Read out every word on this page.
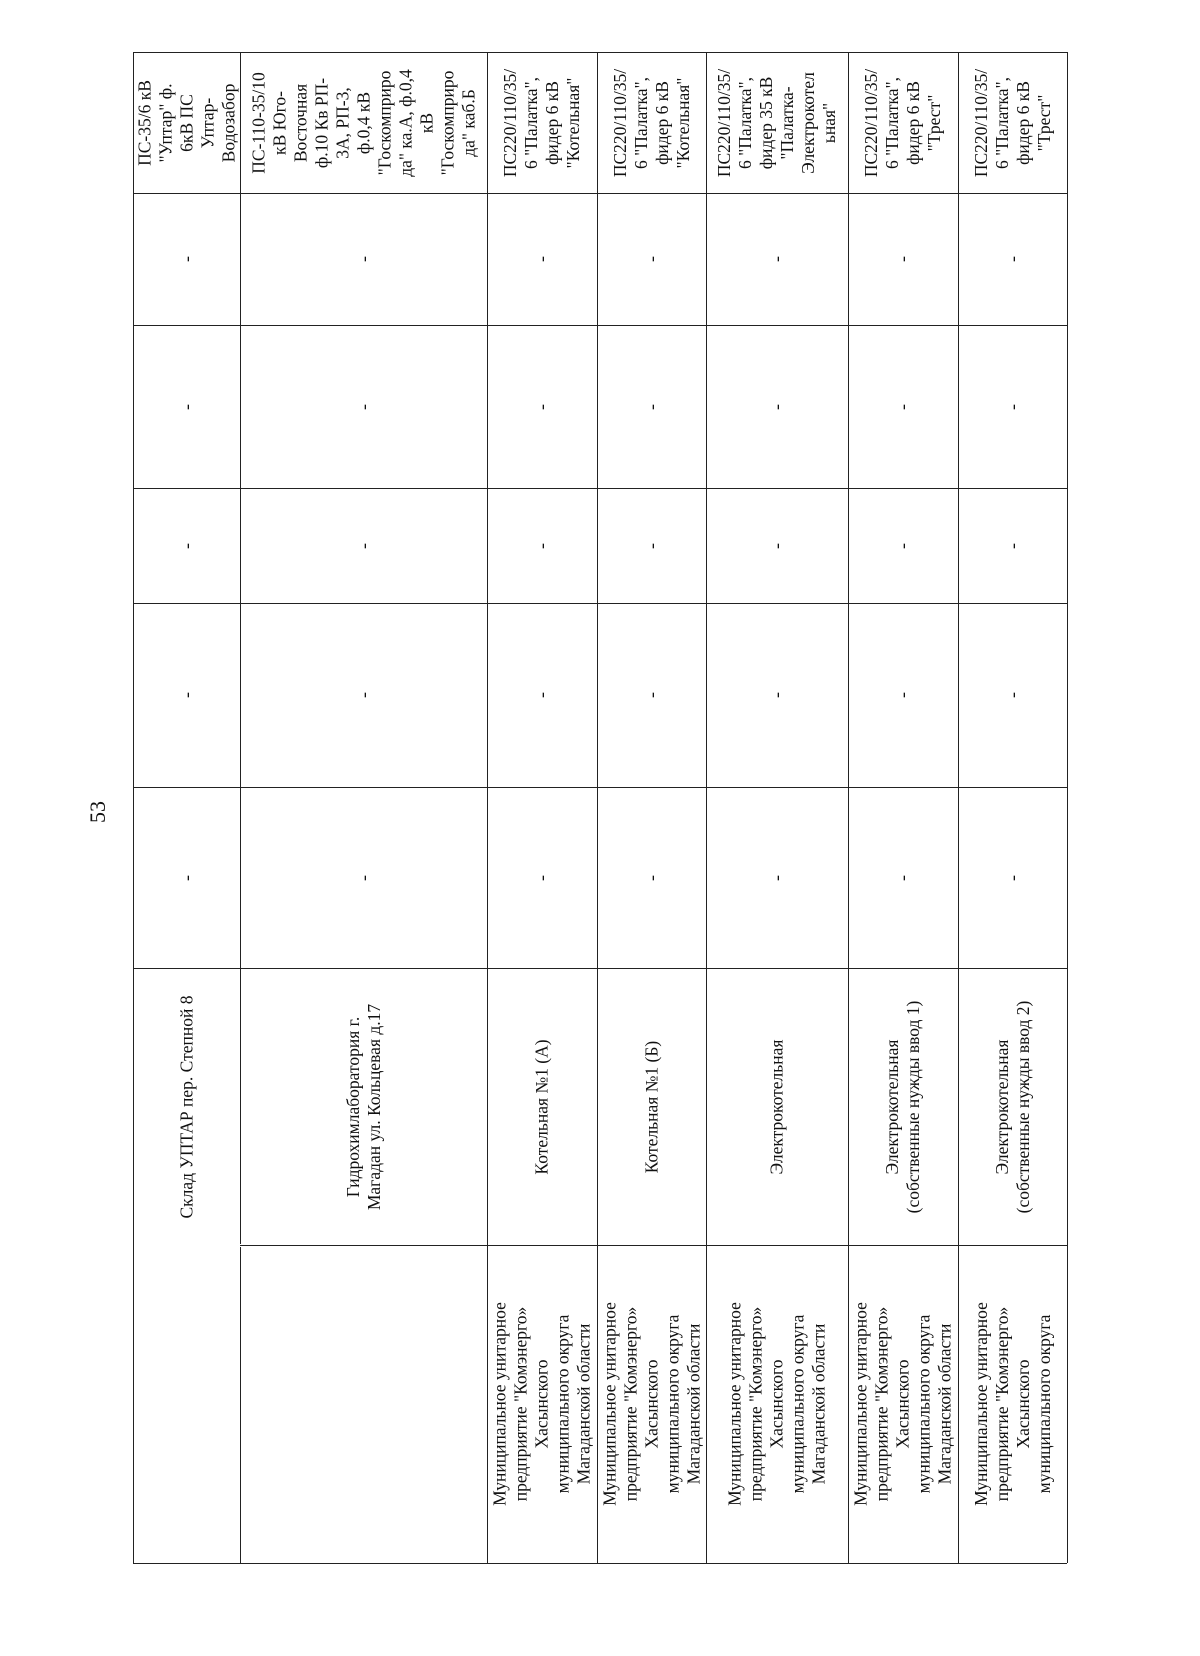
53
ПС-35/6 кВ
"Уптар" ф.
6кВ ПС
Уптар-
Водозабор
-
-
-
-
-
Склад УПТАР пер. Степной 8
ПС-110-35/10
кВ Юго-
Восточная
ф.10 Кв РП-
3А, РП-3,
ф.0,4 кВ
"Госкомприро
да" ка.А, ф.0,4
кВ
"Госкомприро
да" каб.Б
-
-
-
-
-
Гидрохимлаборатория г.
Магадан ул. Кольцевая д.17
ПС220/110/35/
6 "Палатка",
фидер 6 кВ
"Котельная"
-
-
-
-
-
Котельная №1 (А)
Муниципальное унитарное
предприятие "Комэнерго»
Хасынского
муниципального округа
Магаданской области
ПС220/110/35/
6 "Палатка",
фидер 6 кВ
"Котельная"
-
-
-
-
-
Котельная №1 (Б)
Муниципальное унитарное
предприятие "Комэнерго»
Хасынского
муниципального округа
Магаданской области
ПС220/110/35/
6 "Палатка",
фидер 35 кВ
"Палатка-
Электрокотел
ьная"
-
-
-
-
-
Электрокотельная
Муниципальное унитарное
предприятие "Комэнерго»
Хасынского
муниципального округа
Магаданской области
ПС220/110/35/
6 "Палатка",
фидер 6 кВ
"Трест"
-
-
-
-
-
Электрокотельная
(собственные нужды ввод 1)
Муниципальное унитарное
предприятие "Комэнерго»
Хасынского
муниципального округа
Магаданской области
ПС220/110/35/
6 "Палатка",
фидер 6 кВ
"Трест"
-
-
-
-
-
Электрокотельная
(собственные нужды ввод 2)
Муниципальное унитарное
предприятие "Комэнерго»
Хасынского
муниципального округа
